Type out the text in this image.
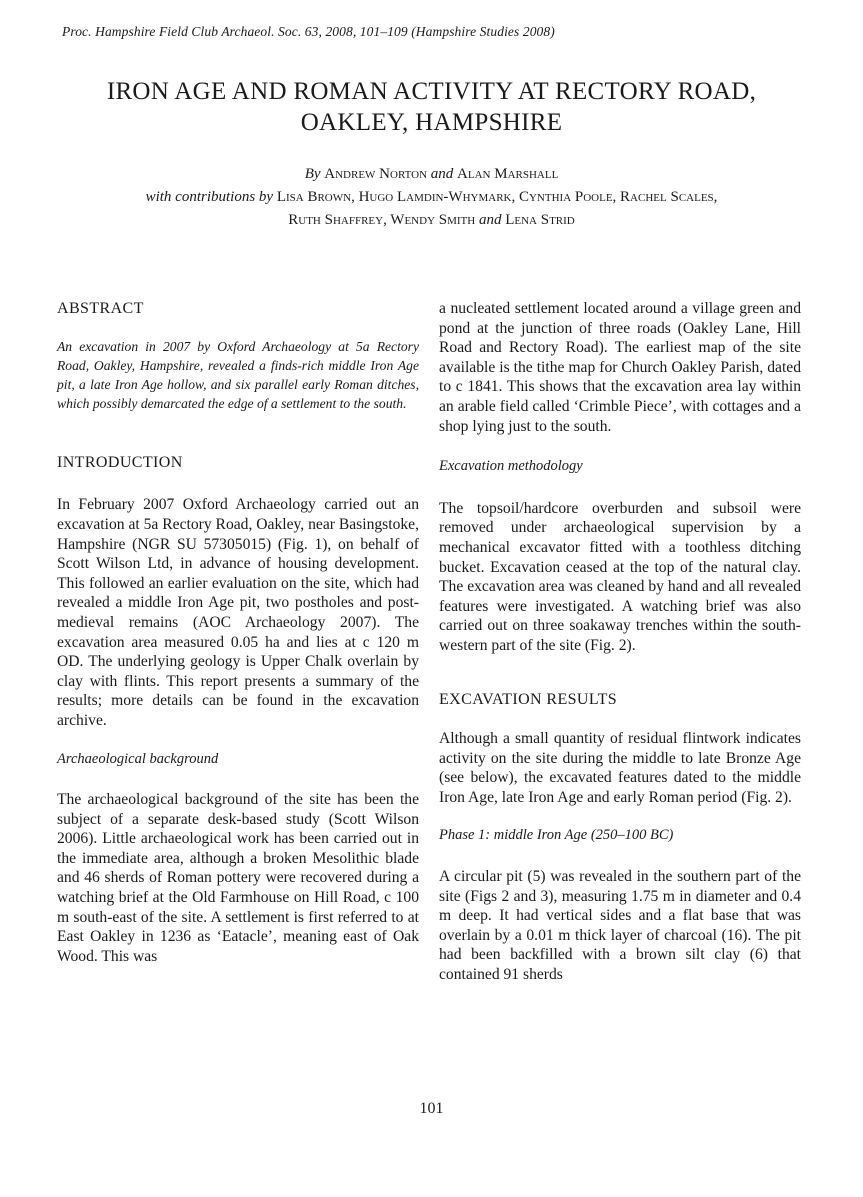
Proc. Hampshire Field Club Archaeol. Soc. 63, 2008, 101–109 (Hampshire Studies 2008)
IRON AGE AND ROMAN ACTIVITY AT RECTORY ROAD,
OAKLEY, HAMPSHIRE
By Andrew Norton and Alan Marshall
with contributions by Lisa Brown, Hugo Lamdin-Whymark, Cynthia Poole, Rachel Scales,
Ruth Shaffrey, Wendy Smith and Lena Strid
ABSTRACT

An excavation in 2007 by Oxford Archaeology at 5a Rectory Road, Oakley, Hampshire, revealed a finds-rich middle Iron Age pit, a late Iron Age hollow, and six parallel early Roman ditches, which possibly demarcated the edge of a settlement to the south.

INTRODUCTION

In February 2007 Oxford Archaeology carried out an excavation at 5a Rectory Road, Oakley, near Basingstoke, Hampshire (NGR SU 57305015) (Fig. 1), on behalf of Scott Wilson Ltd, in advance of housing development. This followed an earlier evaluation on the site, which had revealed a middle Iron Age pit, two postholes and post-medieval remains (AOC Archaeology 2007). The excavation area measured 0.05 ha and lies at c 120 m OD. The underlying geology is Upper Chalk overlain by clay with flints. This report presents a summary of the results; more details can be found in the excavation archive.

Archaeological background

The archaeological background of the site has been the subject of a separate desk-based study (Scott Wilson 2006). Little archaeological work has been carried out in the immediate area, although a broken Mesolithic blade and 46 sherds of Roman pottery were recovered during a watching brief at the Old Farmhouse on Hill Road, c 100 m south-east of the site. A settlement is first referred to at East Oakley in 1236 as ‘Eatacle’, meaning east of Oak Wood. This was

a nucleated settlement located around a village green and pond at the junction of three roads (Oakley Lane, Hill Road and Rectory Road). The earliest map of the site available is the tithe map for Church Oakley Parish, dated to c 1841. This shows that the excavation area lay within an arable field called ‘Crimble Piece’, with cottages and a shop lying just to the south.

Excavation methodology

The topsoil/hardcore overburden and subsoil were removed under archaeological supervision by a mechanical excavator fitted with a toothless ditching bucket. Excavation ceased at the top of the natural clay. The excavation area was cleaned by hand and all revealed features were investigated. A watching brief was also carried out on three soakaway trenches within the south-western part of the site (Fig. 2).

EXCAVATION RESULTS

Although a small quantity of residual flintwork indicates activity on the site during the middle to late Bronze Age (see below), the excavated features dated to the middle Iron Age, late Iron Age and early Roman period (Fig. 2).

Phase 1: middle Iron Age (250–100 BC)

A circular pit (5) was revealed in the southern part of the site (Figs 2 and 3), measuring 1.75 m in diameter and 0.4 m deep. It had vertical sides and a flat base that was overlain by a 0.01 m thick layer of charcoal (16). The pit had been backfilled with a brown silt clay (6) that contained 91 sherds

101
